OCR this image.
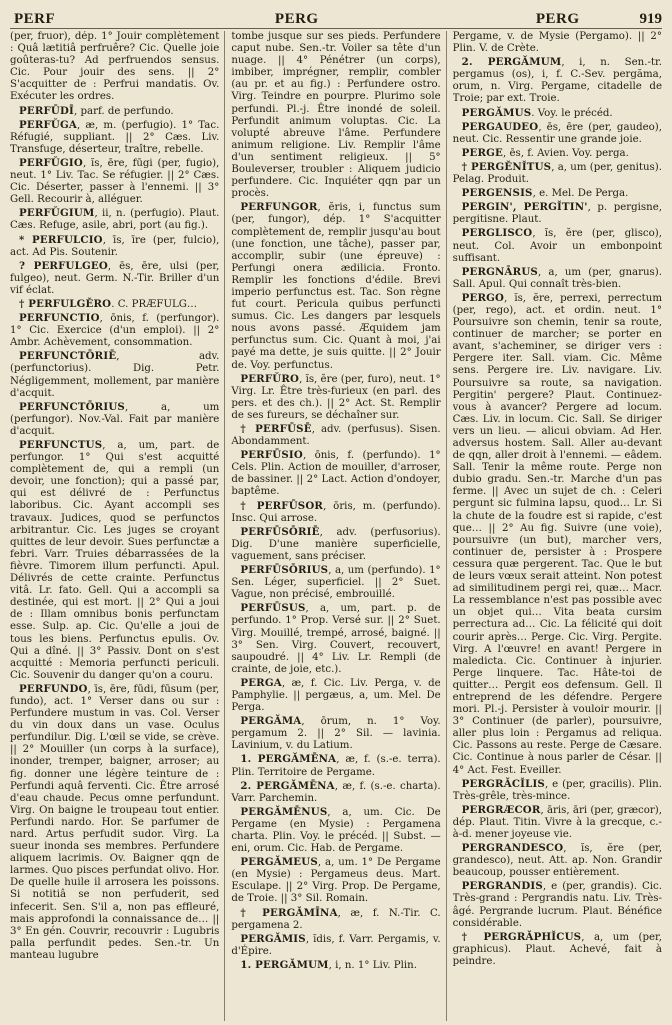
PERF	PERG	PERG	919

(per, fruor), dép. 1° Jouir complètement : Quâ lætitiâ perfruêre? Cic. Quelle joie goûteras-tu? Ad perfruendos sensus. Cic. Pour jouir des sens. || 2° S'acquitter de : Perfrui mandatis. Ov. Exécuter les ordres.

PERFŪDĪ, parf. de perfundo.

PERFŬGA, æ, m. (perfugio). 1° Tac. Réfugié, suppliant. || 2° Cæs. Liv. Transfuge, déserteur, traître, rebelle.

PERFŬGIO, ĭs, ēre, fūgi (per, fugio), neut. 1° Liv. Tac. Se réfugier. || 2° Cæs. Cic. Déserter, passer à l'ennemi. || 3° Gell. Recourir à, alléguer.

PERFŬGIUM, ii, n. (perfugio). Plaut. Cæs. Refuge, asile, abri, port (au fig.).

* PERFULCIO, īs, īre (per, fulcio), act. Ad Pis. Soutenir.

? PERFULGEO, ēs, ēre, ulsi (per, fulgeo), neut. Germ. N.-Tir. Briller d'un vif éclat.

† PERFULGĔRO. C. PRÆFULG…

PERFUNCTIO, ōnis, f. (perfungor). 1° Cic. Exercice (d'un emploi). || 2° Ambr. Achèvement, consommation.

PERFUNCTŌRIĒ, adv. (perfunctorius). Dig. Petr. Négligemment, mollement, par manière d'acquit.

PERFUNCTŌRIUS, a, um (perfungor). Nov.-Val. Fait par manière d'acquit.

PERFUNCTUS, a, um, part. de perfungor. 1° Qui s'est acquitté complètement de, qui a rempli (un devoir, une fonction); qui a passé par, qui est délivré de : Perfunctus laboribus. Cic. Ayant accompli ses travaux. Judices, quod se perfunctos arbitrantur. Cic. Les juges se croyant quittes de leur devoir. Sues perfunctæ a febri. Varr. Truies débarrassées de la fièvre. Timorem illum perfuncti. Apul. Délivrés de cette crainte. Perfunctus vitâ. Lr. fato. Gell. Qui a accompli sa destinée, qui est mort. || 2° Qui a joui de : Illam omnibus bonis perfunctam esse. Sulp. ap. Cic. Qu'elle a joui de tous les biens. Perfunctus epulis. Ov. Qui a dîné. || 3° Passiv. Dont on s'est acquitté : Memoria perfuncti periculi. Cic. Souvenir du danger qu'on a couru.

PERFUNDO, īs, ēre, fūdi, fūsum (per, fundo), act. 1° Verser dans ou sur : Perfundere mustum in vas. Col. Verser du vin doux dans un vase. Oculus perfundilur. Dig. L'œil se vide, se crève. || 2° Mouiller (un corps à la surface), inonder, tremper, baigner, arroser; au fig. donner une légère teinture de : Perfundi aquâ ferventi. Cic. Être arrosé d'eau chaude. Pecus omne perfundunt. Virg. On baigne le troupeau tout entier. Perfundi nardo. Hor. Se parfumer de nard. Artus perfudit sudor. Virg. La sueur inonda ses membres. Perfundere aliquem lacrimis. Ov. Baigner qqn de larmes. Quo pisces perfundat olivo. Hor. De quelle huile il arrosera les poissons. Si notitiâ se non perfuderit, sed infecerit. Sen. S'il a, non pas effleuré, mais approfondi la connaissance de… || 3° En gén. Couvrir, recouvrir : Lugubris palla perfundit pedes. Sen.-tr. Un manteau lugubre

tombe jusque sur ses pieds. Perfundere caput nube. Sen.-tr. Voiler sa tête d'un nuage. || 4° Pénétrer (un corps), imbiber, imprégner, remplir, combler (au pr. et au fig.) : Perfundere ostro. Virg. Teindre en pourpre. Plurimo sole perfundi. Pl.-j. Être inondé de soleil. Perfundit animum voluptas. Cic. La volupté abreuve l'âme. Perfundere animum religione. Liv. Remplir l'âme d'un sentiment religieux. || 5° Bouleverser, troubler : Aliquem judicio perfundere. Cic. Inquiéter qqn par un procès.

PERFUNGOR, ĕris, i, functus sum (per, fungor), dép. 1° S'acquitter complètement de, remplir jusqu'au bout (une fonction, une tâche), passer par, accomplir, subir (une épreuve) : Perfungi onera ædilicia. Fronto. Remplir les fonctions d'édile. Brevi imperio perfunctus est. Tac. Son règne fut court. Pericula quibus perfuncti sumus. Cic. Les dangers par lesquels nous avons passé. Æquidem jam perfunctus sum. Cic. Quant à moi, j'ai payé ma dette, je suis quitte. || 2° Jouir de. Voy. perfunctus.

PERFŬRO, ĭs, ĕre (per, furo), neut. 1° Virg. Lr. Être très-furieux (en parl. des pers. et des ch.). || 2° Act. St. Remplir de ses fureurs, se déchaîner sur.

† PERFŪSĒ, adv. (perfusus). Sisen. Abondamment.

PERFŪSIO, ōnis, f. (perfundo). 1° Cels. Plin. Action de mouiller, d'arroser, de bassiner. || 2° Lact. Action d'ondoyer, baptême.

† PERFŪSOR, ōris, m. (perfundo). Insc. Qui arrose.

PERFŪSŌRIĒ, adv. (perfusorius). Dig. D'une manière superficielle, vaguement, sans préciser.

PERFŪSŌRIUS, a, um (perfundo). 1° Sen. Léger, superficiel. || 2° Suet. Vague, non précisé, embrouillé.

PERFŪSUS, a, um, part. p. de perfundo. 1° Prop. Versé sur. || 2° Suet. Virg. Mouillé, trempé, arrosé, baigné. || 3° Sen. Virg. Couvert, recouvert, saupoudré. || 4° Liv. Lr. Rempli (de crainte, de joie, etc.).

PERGA, æ, f. Cic. Liv. Perga, v. de Pamphylie. || pergæus, a, um. Mel. De Perga.

PERGĂMA, ōrum, n. 1° Voy. pergamum 2. || 2° Sil. — lavinia. Lavinium, v. du Latium.

1. PERGĂMĒNA, æ, f. (s.-e. terra). Plin. Territoire de Pergame.

2. PERGĂMĒNA, æ, f. (s.-e. charta). Varr. Parchemin.

PERGĂMĒNUS, a, um. Cic. De Pergame (en Mysie) : Pergamena charta. Plin. Voy. le précéd. || Subst. — eni, orum. Cic. Hab. de Pergame.

PERGĂMEUS, a, um. 1° De Pergame (en Mysie) : Pergameus deus. Mart. Esculape. || 2° Virg. Prop. De Pergame, de Troie. || 3° Sil. Romain.

† PERGĂMĪNA, æ, f. N.-Tir. C. pergamena 2.

PERGĂMIS, ĭdis, f. Varr. Pergamis, v. d'Épire.

1. PERGĂMUM, i, n. 1° Liv. Plin.

Pergame, v. de Mysie (Pergamo). || 2° Plin. V. de Crète.

2. PERGĂMUM, i, n. Sen.-tr. pergamus (os), i, f. C.-Sev. pergăma, orum, n. Virg. Pergame, citadelle de Troie; par ext. Troie.

PERGĂMUS. Voy. le précéd.

PERGAUDEO, ēs, ēre (per, gaudeo), neut. Cic. Ressentir une grande joie.

PERGE, ēs, f. Avien. Voy. perga.

† PERGĔNĬTUS, a, um (per, genitus). Pelag. Produit.

PERGENSIS, e. Mel. De Perga.

PERGIN', PERGĬTIN', p. pergisne, pergitisne. Plaut.

PERGLISCO, ĭs, ĕre (per, glisco), neut. Col. Avoir un embonpoint suffisant.

PERGNĀRUS, a, um (per, gnarus). Sall. Apul. Qui connaît très-bien.

PERGO, ĭs, ĕre, perrexi, perrectum (per, rego), act. et ordin. neut. 1° Poursuivre son chemin, tenir sa route, continuer de marcher; se porter en avant, s'acheminer, se diriger vers : Pergere iter. Sall. viam. Cic. Même sens. Pergere ire. Liv. navigare. Liv. Poursuivre sa route, sa navigation. Pergitin' pergere? Plaut. Continuez-vous à avancer? Pergere ad locum. Cæs. Liv. in locum. Cic. Sall. Se diriger vers un lieu. — alicui obviam. Ad Her. adversus hostem. Sall. Aller au-devant de qqn, aller droit à l'ennemi. — eâdem. Sall. Tenir la même route. Perge non dubio gradu. Sen.-tr. Marche d'un pas ferme. || Avec un sujet de ch. : Celeri pergunt sic fulmina lapsu, quod… Lr. Si la chute de la foudre est si rapide, c'est que… || 2° Au fig. Suivre (une voie), poursuivre (un but), marcher vers, continuer de, persister à : Prospere cessura quæ pergerent. Tac. Que le but de leurs vœux serait atteint. Non potest ad similitudinem pergi rei, quæ… Macr. La ressemblance n'est pas possible avec un objet qui… Vita beata cursim perrectura ad… Cic. La félicité qui doit courir après… Perge. Cic. Virg. Pergite. Virg. A l'œuvre! en avant! Pergere in maledicta. Cic. Continuer à injurier. Perge linquere. Tac. Hâte-toi de quitter… Pergit eos defensum. Gell. Il entreprend de les défendre. Pergere mori. Pl.-j. Persister à vouloir mourir. || 3° Continuer (de parler), poursuivre, aller plus loin : Pergamus ad reliqua. Cic. Passons au reste. Perge de Cæsare. Cic. Continue à nous parler de César. || 4° Act. Fest. Eveiller.

PERGRĂCĬLIS, e (per, gracilis). Plin. Très-grêle, très-mince.

PERGRÆCOR, āris, āri (per, græcor), dép. Plaut. Titin. Vivre à la grecque, c.-à-d. mener joyeuse vie.

PERGRANDESCO, ĭs, ĕre (per, grandesco), neut. Att. ap. Non. Grandir beaucoup, pousser entièrement.

PERGRANDIS, e (per, grandis). Cic. Très-grand : Pergrandis natu. Liv. Très-âgé. Pergrande lucrum. Plaut. Bénéfice considérable.

† PERGRĂPHĬCUS, a, um (per, graphicus). Plaut. Achevé, fait à peindre.
